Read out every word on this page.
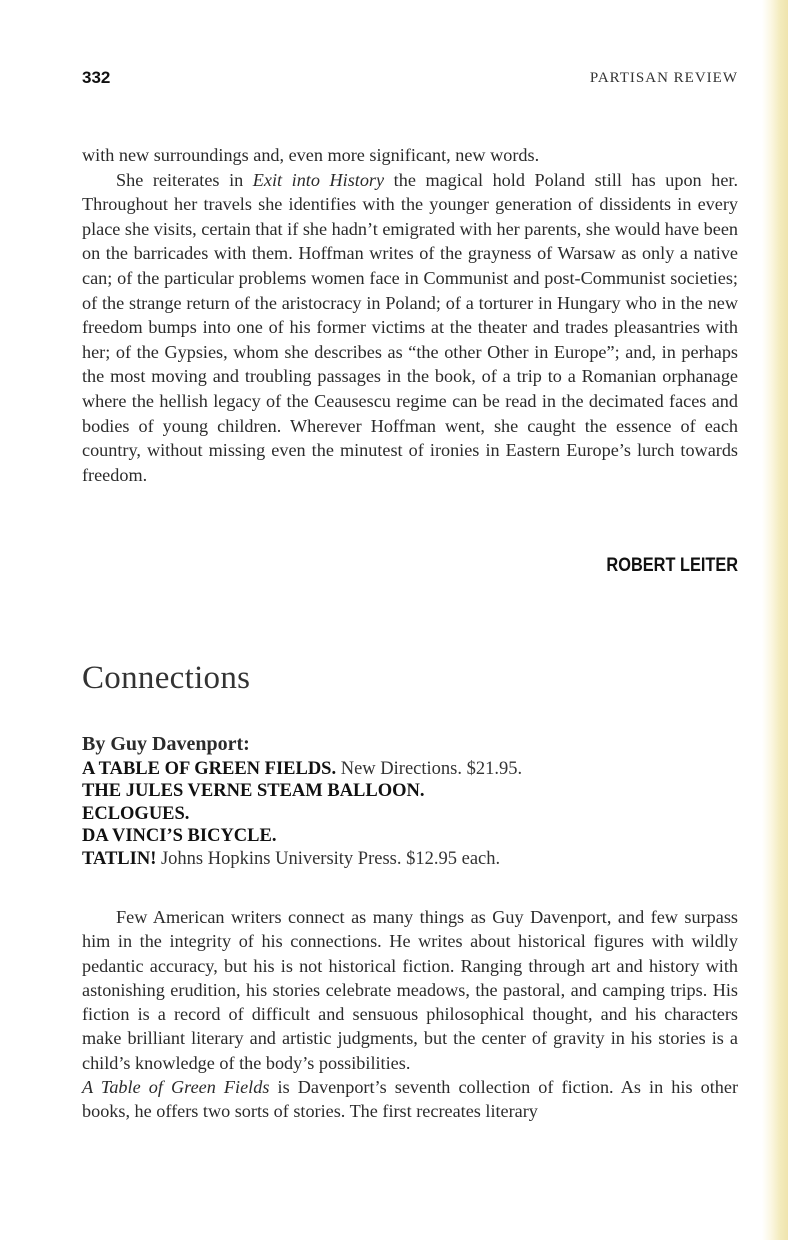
332	PARTISAN REVIEW

with new surroundings and, even more significant, new words.

She reiterates in Exit into History the magical hold Poland still has upon her. Throughout her travels she identifies with the younger generation of dissidents in every place she visits, certain that if she hadn’t emigrated with her parents, she would have been on the barricades with them. Hoffman writes of the grayness of Warsaw as only a native can; of the particular problems women face in Communist and post-Communist societies; of the strange return of the aristocracy in Poland; of a torturer in Hungary who in the new freedom bumps into one of his former victims at the theater and trades pleasantries with her; of the Gypsies, whom she describes as “the other Other in Europe”; and, in perhaps the most moving and troubling passages in the book, of a trip to a Romanian orphanage where the hellish legacy of the Ceausescu regime can be read in the decimated faces and bodies of young children. Wherever Hoffman went, she caught the essence of each country, without missing even the minutest of ironies in Eastern Europe’s lurch towards freedom.

ROBERT LEITER
Connections
By Guy Davenport:
A TABLE OF GREEN FIELDS. New Directions. $21.95.
THE JULES VERNE STEAM BALLOON.
ECLOGUES.
DA VINCI’S BICYCLE.
TATLIN! Johns Hopkins University Press. $12.95 each.

Few American writers connect as many things as Guy Davenport, and few surpass him in the integrity of his connections. He writes about historical figures with wildly pedantic accuracy, but his is not historical fiction. Ranging through art and history with astonishing erudition, his stories celebrate meadows, the pastoral, and camping trips. His fiction is a record of difficult and sensuous philosophical thought, and his characters make brilliant literary and artistic judgments, but the center of gravity in his stories is a child’s knowledge of the body’s possibilities.

A Table of Green Fields is Davenport’s seventh collection of fiction. As in his other books, he offers two sorts of stories. The first recreates literary
